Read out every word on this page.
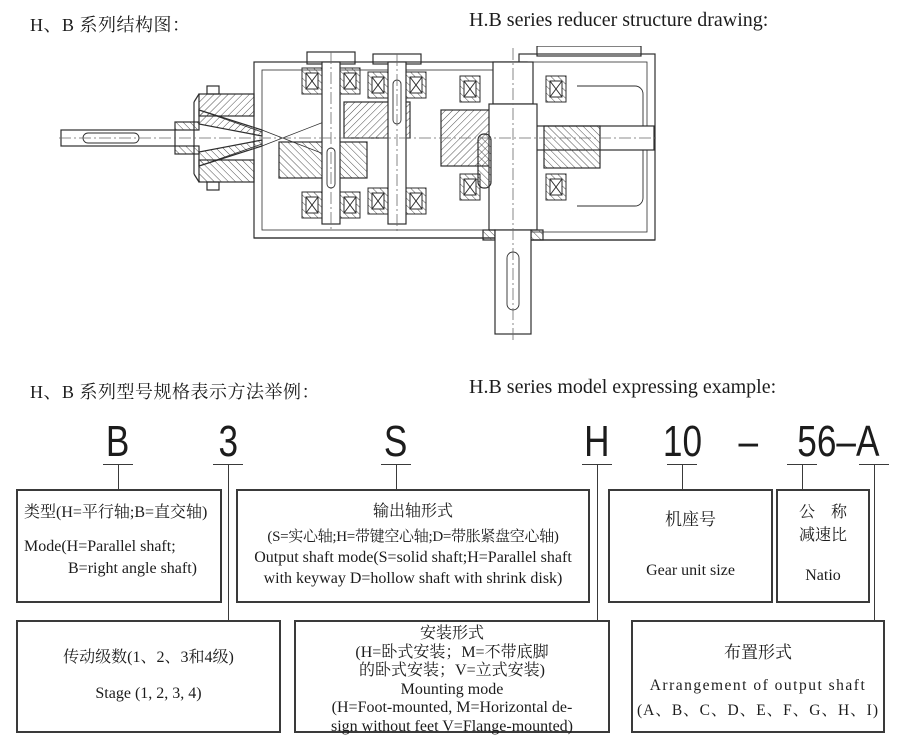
H、B 系列结构图：	H.B series reducer structure drawing:
H、B 系列型号规格表示方法举例：	H.B series model expressing example:
B	3	S	H	10 – 56–A
类型(H=平行轴;B=直交轴)
Mode(H=Parallel shaft;
B=right angle shaft)
输出轴形式
(S=实心轴;H=带键空心轴;D=带胀紧盘空心轴)
Output shaft mode(S=solid shaft;H=Parallel shaft
with keyway D=hollow shaft with shrink disk)
机座号
Gear unit size
公　称
减速比
Natio
传动级数(1、2、3和4级)
Stage (1, 2, 3, 4)
安装形式
(H=卧式安装；M=不带底脚
的卧式安装；V=立式安装)
Mounting mode
(H=Foot-mounted, M=Horizontal de-
sign without feet V=Flange-mounted)
布置形式
Arrangement of output shaft
(A、B、C、D、E、F、G、H、I)
